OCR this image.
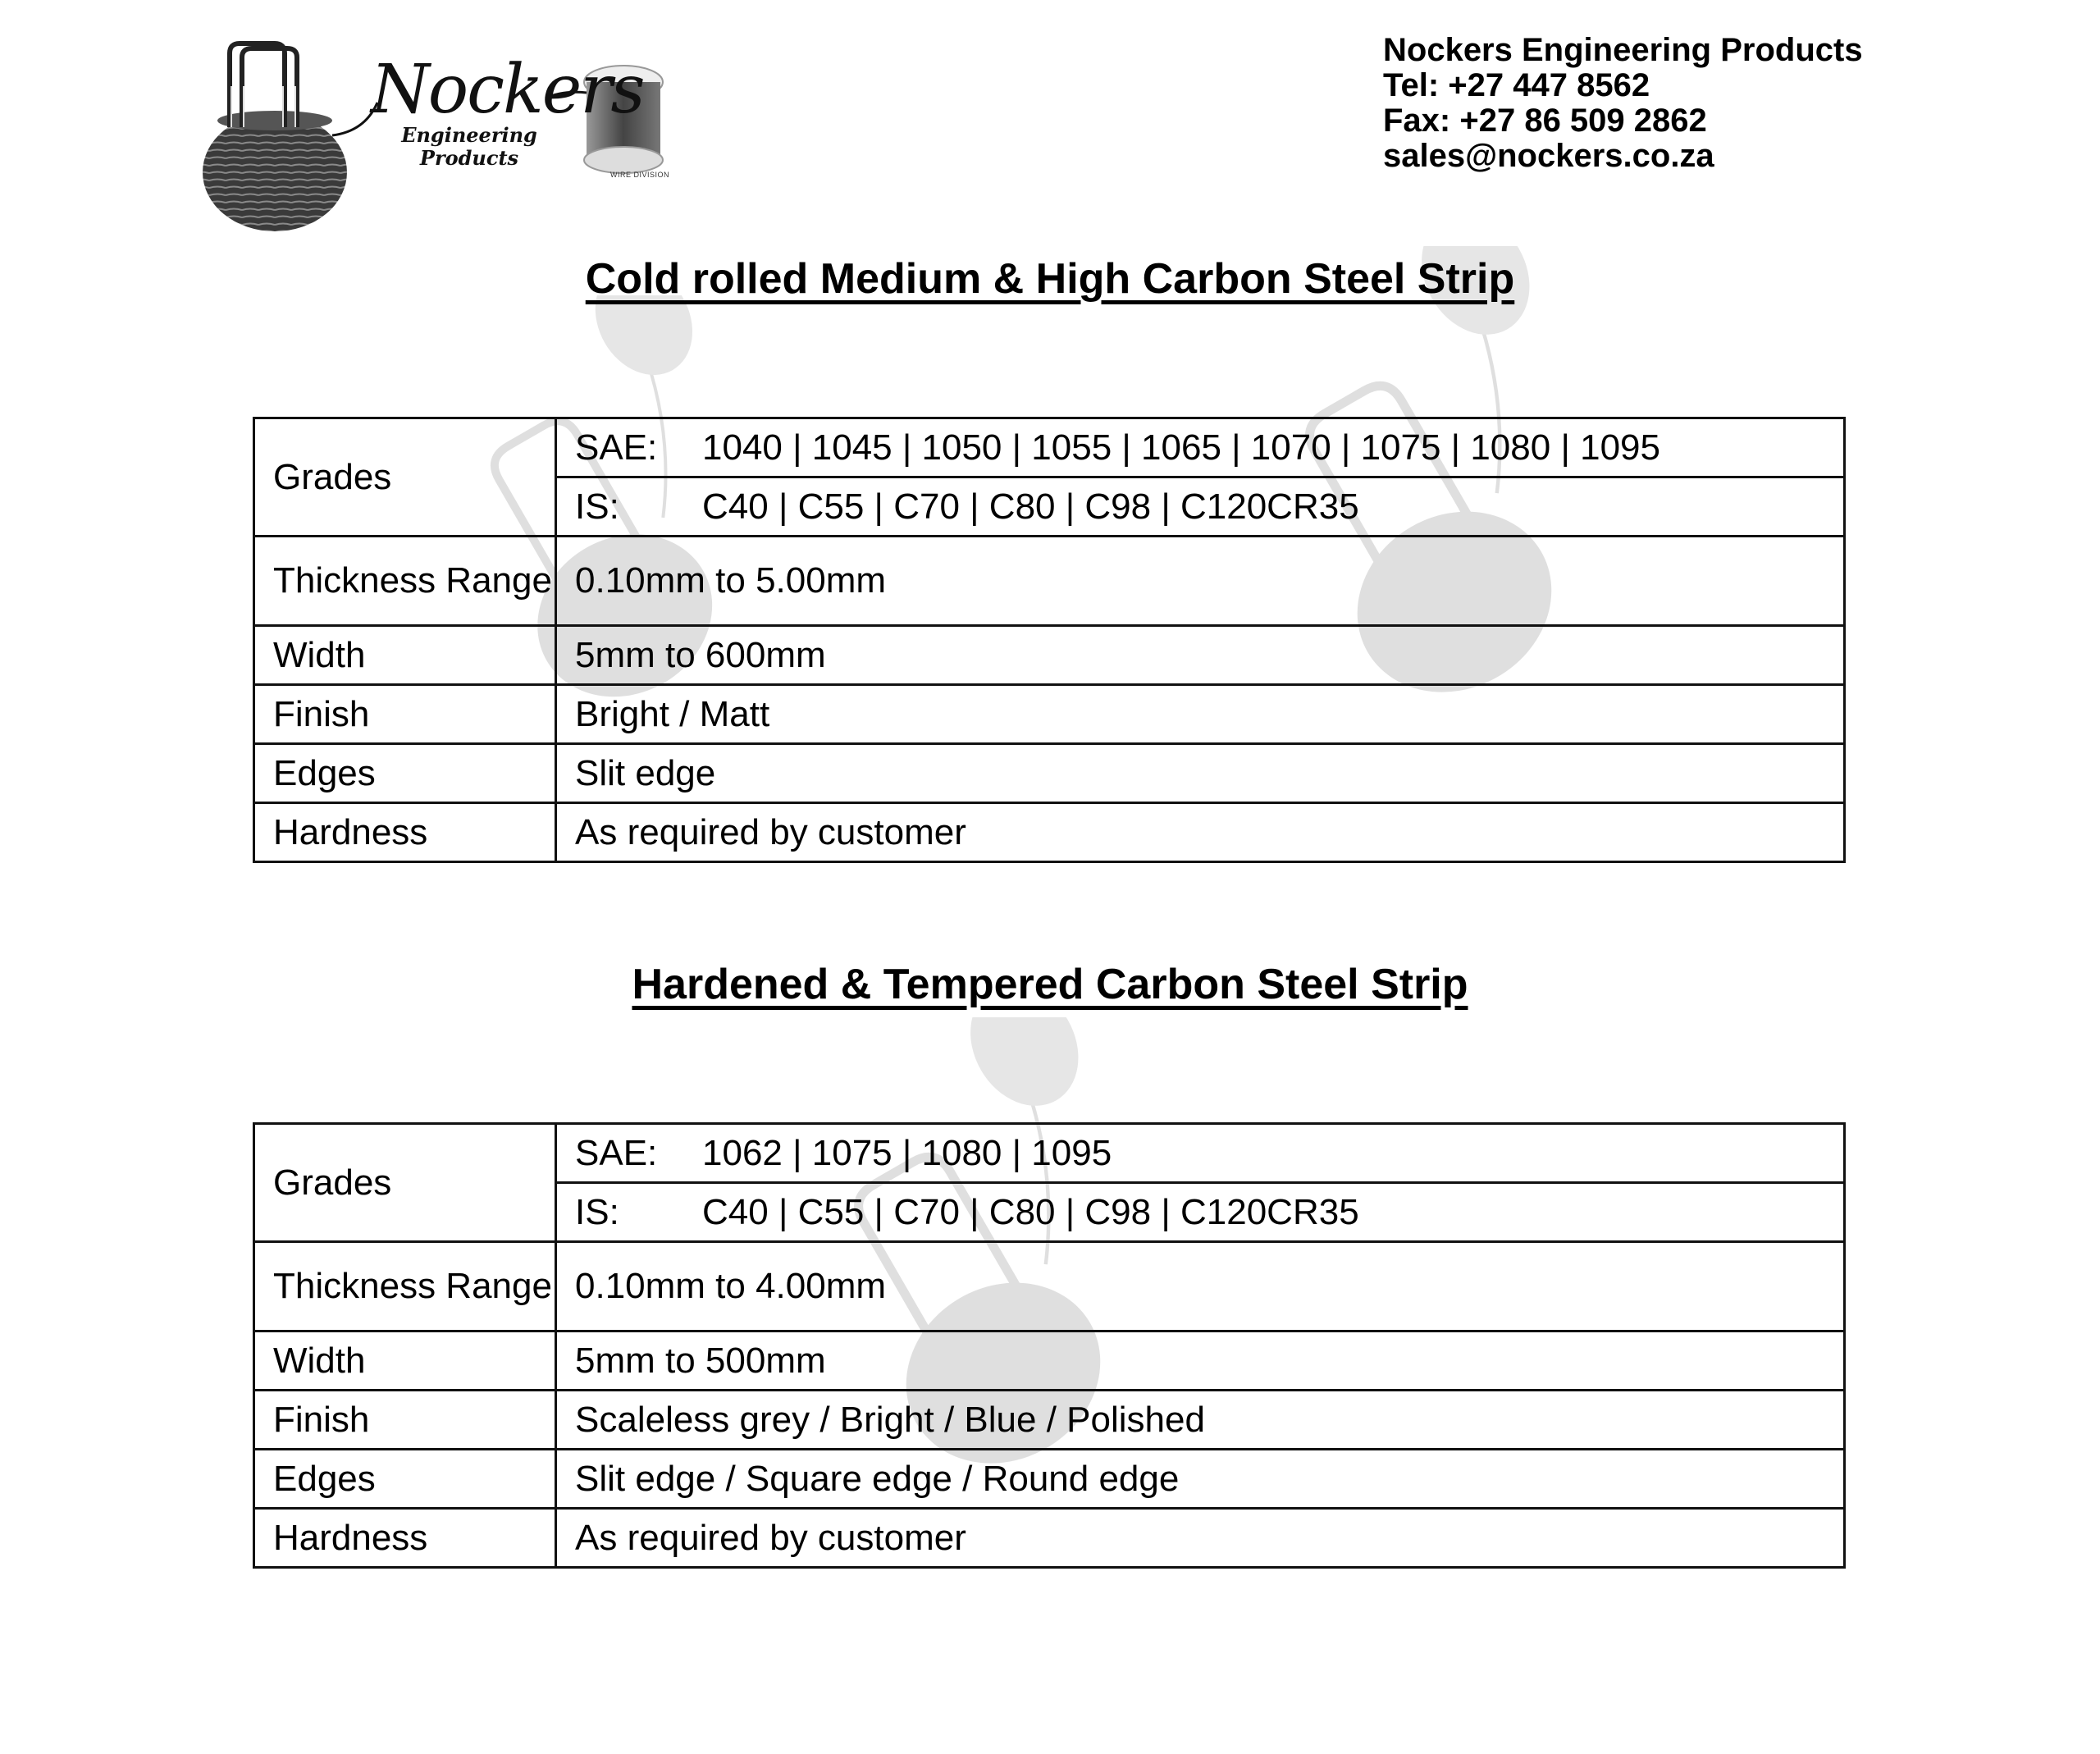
Nockers
Engineering
Products
WIRE DIVISION
Nockers Engineering Products
Tel: +27 447 8562
Fax: +27 86 509 2862
sales@nockers.co.za
Cold rolled Medium & High Carbon Steel Strip
Grades	SAE: 1040 | 1045 | 1050 | 1055 | 1065 | 1070 | 1075 | 1080 | 1095
	IS: C40 | C55 | C70 | C80 | C98 | C120CR35
Thickness Range	0.10mm to 5.00mm
Width	5mm to 600mm
Finish	Bright / Matt
Edges	Slit edge
Hardness	As required by customer
Hardened & Tempered Carbon Steel Strip
Grades	SAE: 1062 | 1075 | 1080 | 1095
	IS: C40 | C55 | C70 | C80 | C98 | C120CR35
Thickness Range	0.10mm to 4.00mm
Width	5mm to 500mm
Finish	Scaleless grey / Bright / Blue / Polished
Edges	Slit edge / Square edge / Round edge
Hardness	As required by customer
